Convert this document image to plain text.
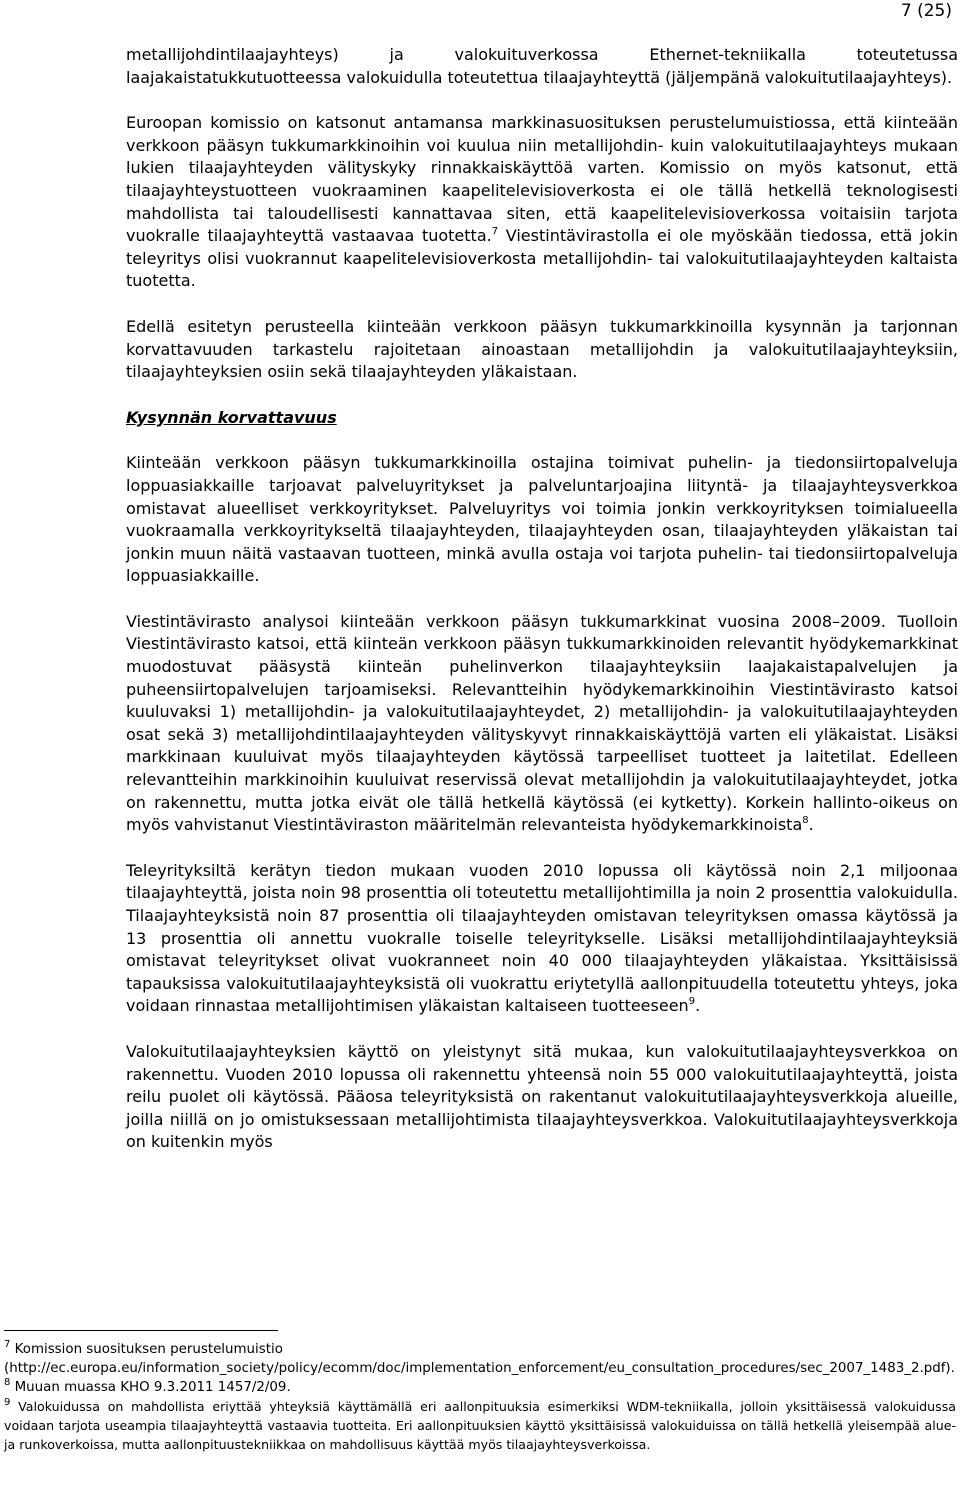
7 (25)

metallijohdintilaajayhteys) ja valokuituverkossa Ethernet-tekniikalla toteutetussa laajakaistatukkutuotteessa valokuidulla toteutettua tilaajayhteyttä (jäljempänä valokuitutilaajayhteys).

Euroopan komissio on katsonut antamansa markkinasuosituksen perustelumuistiossa, että kiinteään verkkoon pääsyn tukkumarkkinoihin voi kuulua niin metallijohdin- kuin valokuitutilaajayhteys mukaan lukien tilaajayhteyden välityskyky rinnakkaiskäyttöä varten. Komissio on myös katsonut, että tilaajayhteystuotteen vuokraaminen kaapelitelevisioverkosta ei ole tällä hetkellä teknologisesti mahdollista tai taloudellisesti kannattavaa siten, että kaapelitelevisioverkossa voitaisiin tarjota vuokralle tilaajayhteyttä vastaavaa tuotetta.$^7$ Viestintävirastolla ei ole myöskään tiedossa, että jokin teleyritys olisi vuokrannut kaapelitelevisioverkosta metallijohdin- tai valokuitutilaajayhteyden kaltaista tuotetta.

Edellä esitetyn perusteella kiinteään verkkoon pääsyn tukkumarkkinoilla kysynnän ja tarjonnan korvattavuuden tarkastelu rajoitetaan ainoastaan metallijohdin ja valokuitutilaajayhteyksiin, tilaajayhteyksien osiin sekä tilaajayhteyden yläkaistaan.

Kysynnän korvattavuus

Kiinteään verkkoon pääsyn tukkumarkkinoilla ostajina toimivat puhelin- ja tiedonsiirtopalveluja loppuasiakkaille tarjoavat palveluyritykset ja palveluntarjoajina liityntä- ja tilaajayhteysverkkoa omistavat alueelliset verkkoyritykset. Palveluyritys voi toimia jonkin verkkoyrityksen toimialueella vuokraamalla verkkoyritykseltä tilaajayhteyden, tilaajayhteyden osan, tilaajayhteyden yläkaistan tai jonkin muun näitä vastaavan tuotteen, minkä avulla ostaja voi tarjota puhelin- tai tiedonsiirtopalveluja loppuasiakkaille.

Viestintävirasto analysoi kiinteään verkkoon pääsyn tukkumarkkinat vuosina 2008–2009. Tuolloin Viestintävirasto katsoi, että kiinteän verkkoon pääsyn tukkumarkkinoiden relevantit hyödykemarkkinat muodostuvat pääsystä kiinteän puhelinverkon tilaajayhteyksiin laajakaistapalvelujen ja puheensiirtopalvelujen tarjoamiseksi. Relevantteihin hyödykemarkkinoihin Viestintävirasto katsoi kuuluvaksi 1) metallijohdin- ja valokuitutilaajayhteydet, 2) metallijohdin- ja valokuitutilaajayhteyden osat sekä 3) metallijohdintilaajayhteyden välityskyvyt rinnakkaiskäyttöjä varten eli yläkaistat. Lisäksi markkinaan kuuluivat myös tilaajayhteyden käytössä tarpeelliset tuotteet ja laitetilat. Edelleen relevantteihin markkinoihin kuuluivat reservissä olevat metallijohdin ja valokuitutilaajayhteydet, jotka on rakennettu, mutta jotka eivät ole tällä hetkellä käytössä (ei kytketty). Korkein hallinto-oikeus on myös vahvistanut Viestintäviraston määritelmän relevanteista hyödykemarkkinoista$^8$.

Teleyrityksiltä kerätyn tiedon mukaan vuoden 2010 lopussa oli käytössä noin 2,1 miljoonaa tilaajayhteyttä, joista noin 98 prosenttia oli toteutettu metallijohtimilla ja noin 2 prosenttia valokuidulla. Tilaajayhteyksistä noin 87 prosenttia oli tilaajayhteyden omistavan teleyrityksen omassa käytössä ja 13 prosenttia oli annettu vuokralle toiselle teleyritykselle. Lisäksi metallijohdintilaajayhteyksiä omistavat teleyritykset olivat vuokranneet noin 40 000 tilaajayhteyden yläkaistaa. Yksittäisissä tapauksissa valokuitutilaajayhteyksistä oli vuokrattu eriytetyllä aallonpituudella toteutettu yhteys, joka voidaan rinnastaa metallijohtimisen yläkaistan kaltaiseen tuotteeseen$^9$.

Valokuitutilaajayhteyksien käyttö on yleistynyt sitä mukaa, kun valokuitutilaajayhteysverkkoa on rakennettu. Vuoden 2010 lopussa oli rakennettu yhteensä noin 55 000 valokuitutilaajayhteyttä, joista reilu puolet oli käytössä. Pääosa teleyrityksistä on rakentanut valokuitutilaajayhteysverkkoja alueille, joilla niillä on jo omistuksessaan metallijohtimista tilaajayhteysverkkoa. Valokuitutilaajayhteysverkkoja on kuitenkin myös

$^7$ Komission suosituksen perustelumuistio (http://ec.europa.eu/information_society/policy/ecomm/doc/implementation_enforcement/eu_consultation_procedures/sec_2007_1483_2.pdf).

$^8$ Muuan muassa KHO 9.3.2011 1457/2/09.

$^9$ Valokuidussa on mahdollista eriyttää yhteyksiä käyttämällä eri aallonpituuksia esimerkiksi WDM-tekniikalla, jolloin yksittäisessä valokuidussa voidaan tarjota useampia tilaajayhteyttä vastaavia tuotteita. Eri aallonpituuksien käyttö yksittäisissä valokuiduissa on tällä hetkellä yleisempää alue- ja runkoverkoissa, mutta aallonpituustekniikkaa on mahdollisuus käyttää myös tilaajayhteysverkoissa.
